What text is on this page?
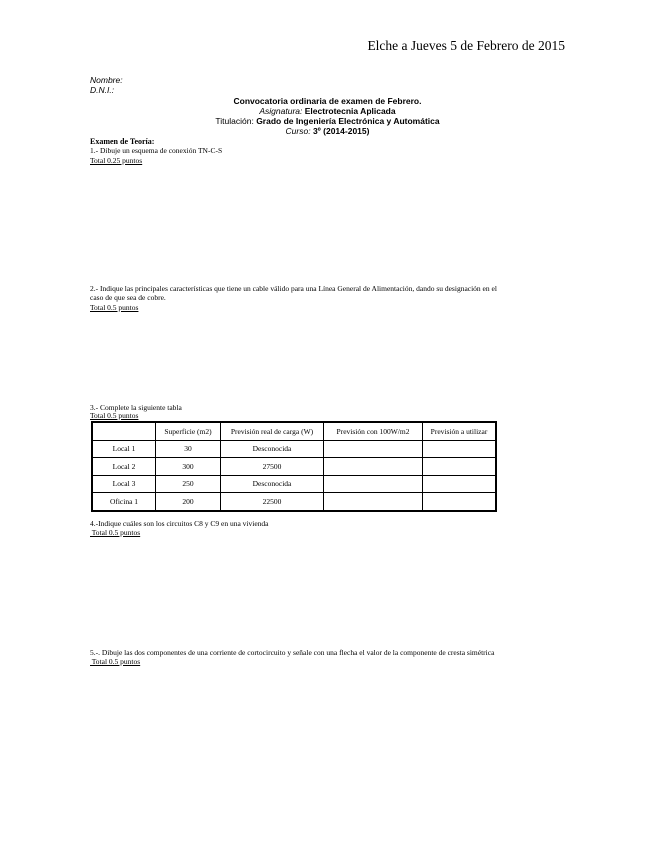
Elche a Jueves 5 de Febrero de 2015
Nombre:
D.N.I.:
Convocatoria ordinaria de examen de Febrero.
Asignatura: Electrotecnia Aplicada
Titulación: Grado de Ingeniería Electrónica y Automática
Curso: 3º (2014-2015)
Examen de Teoría:
1.- Dibuje un esquema de conexión TN-C-S
Total 0.25 puntos
2.- Indique las principales características que tiene un cable válido para una Línea General de Alimentación, dando su designación en el
caso de que sea de cobre.
Total 0.5 puntos
3.- Complete la siguiente tabla
Total 0.5 puntos
	Superficie (m2)	Previsión real de carga (W)	Previsión con 100W/m2	Previsión a utilizar
Local 1	30	Desconocida		
Local 2	300	27500		
Local 3	250	Desconocida		
Oficina 1	200	22500		
4.-Indique cuáles son los circuitos C8 y C9 en una vivienda
Total 0.5 puntos
5.-. Dibuje las dos componentes de una corriente de cortocircuito y señale con una flecha el valor de la componente de cresta simétrica
Total 0.5 puntos
